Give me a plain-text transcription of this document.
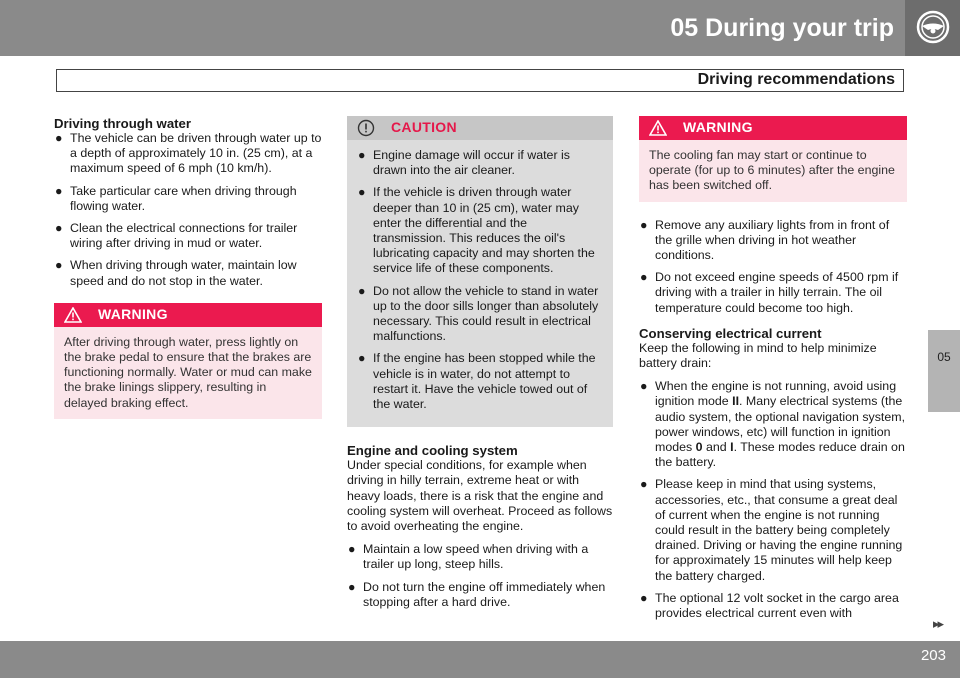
05 During your trip
Driving recommendations
05
Driving through water
● The vehicle can be driven through water up to a depth of approximately 10 in. (25 cm), at a maximum speed of 6 mph (10 km/h).
● Take particular care when driving through flowing water.
● Clean the electrical connections for trailer wiring after driving in mud or water.
● When driving through water, maintain low speed and do not stop in the water.
WARNING
After driving through water, press lightly on the brake pedal to ensure that the brakes are functioning normally. Water or mud can make the brake linings slippery, resulting in delayed braking effect.
CAUTION
● Engine damage will occur if water is drawn into the air cleaner.
● If the vehicle is driven through water deeper than 10 in (25 cm), water may enter the differential and the transmission. This reduces the oil's lubricating capacity and may shorten the service life of these components.
● Do not allow the vehicle to stand in water up to the door sills longer than absolutely necessary. This could result in electrical malfunctions.
● If the engine has been stopped while the vehicle is in water, do not attempt to restart it. Have the vehicle towed out of the water.
Engine and cooling system

Under special conditions, for example when driving in hilly terrain, extreme heat or with heavy loads, there is a risk that the engine and cooling system will overheat. Proceed as follows to avoid overheating the engine.

● Maintain a low speed when driving with a trailer up long, steep hills.
● Do not turn the engine off immediately when stopping after a hard drive.
WARNING
The cooling fan may start or continue to operate (for up to 6 minutes) after the engine has been switched off.
● Remove any auxiliary lights from in front of the grille when driving in hot weather conditions.
● Do not exceed engine speeds of 4500 rpm if driving with a trailer in hilly terrain. The oil temperature could become too high.
Conserving electrical current

Keep the following in mind to help minimize battery drain:

● When the engine is not running, avoid using ignition mode II. Many electrical systems (the audio system, the optional navigation system, power windows, etc) will function in ignition modes 0 and I. These modes reduce drain on the battery.
● Please keep in mind that using systems, accessories, etc., that consume a great deal of current when the engine is not running could result in the battery being completely drained. Driving or having the engine running for approximately 15 minutes will help keep the battery charged.
● The optional 12 volt socket in the cargo area provides electrical current even with
▸▸
203
